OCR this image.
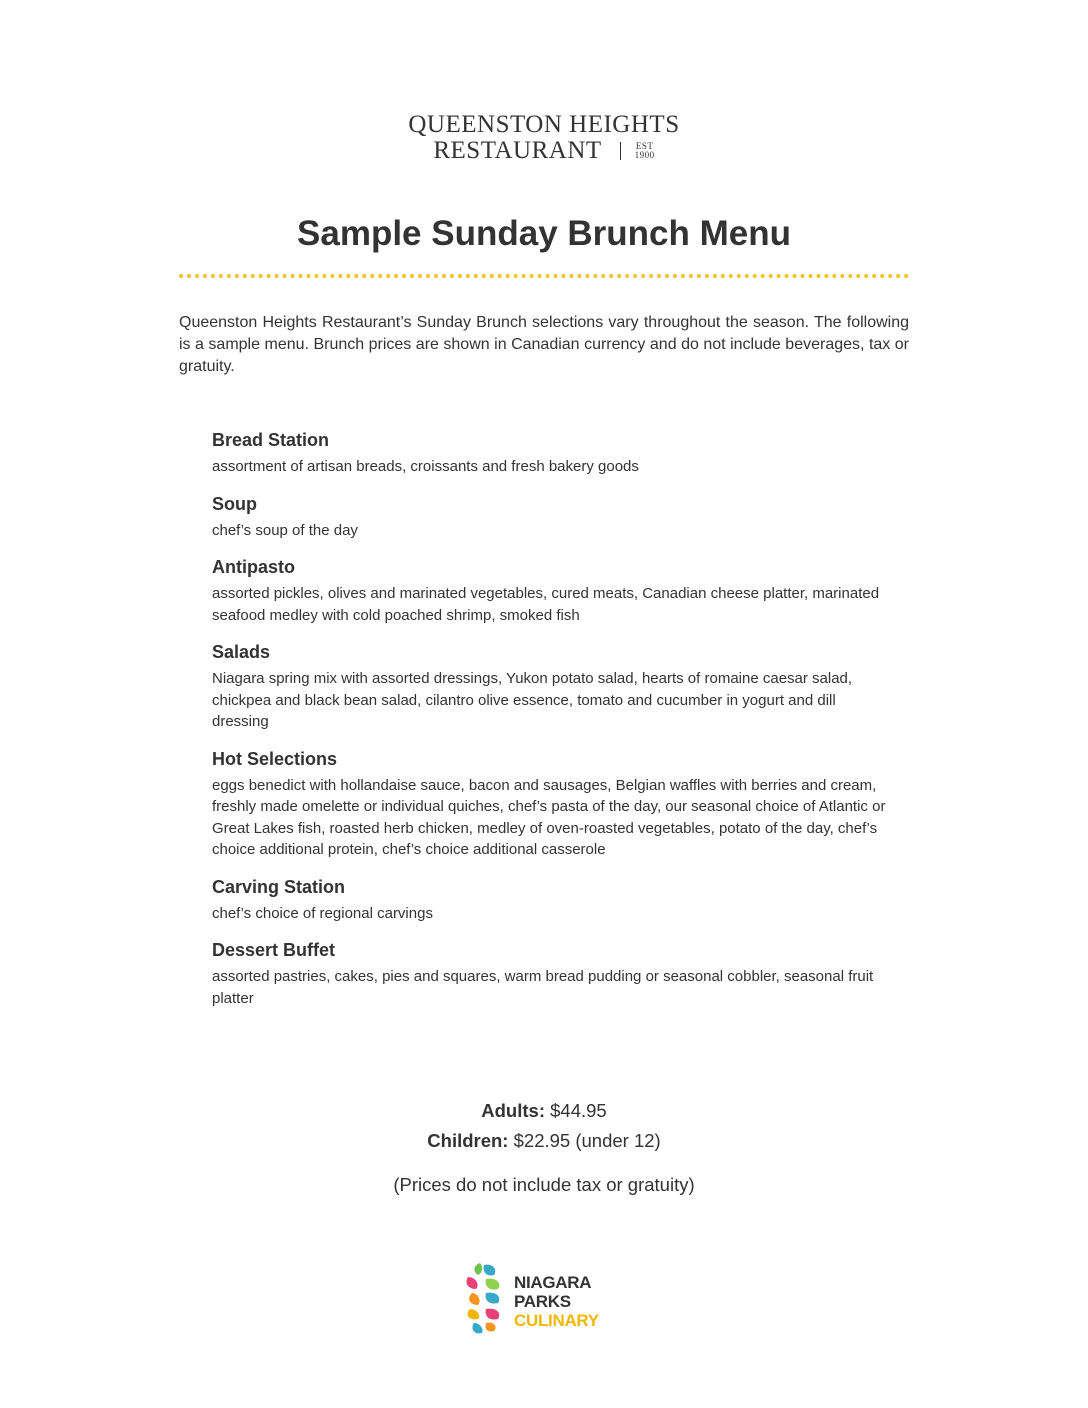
QUEENSTON HEIGHTS
RESTAURANT	EST
1900
Sample Sunday Brunch Menu

Queenston Heights Restaurant’s Sunday Brunch selections vary throughout the season. The following is a sample menu. Brunch prices are shown in Canadian currency and do not include beverages, tax or gratuity.

Bread Station

assortment of artisan breads, croissants and fresh bakery goods

Soup

chef’s soup of the day

Antipasto

assorted pickles, olives and marinated vegetables, cured meats, Canadian cheese platter, marinated seafood medley with cold poached shrimp, smoked fish

Salads

Niagara spring mix with assorted dressings, Yukon potato salad, hearts of romaine caesar salad, chickpea and black bean salad, cilantro olive essence, tomato and cucumber in yogurt and dill dressing

Hot Selections

eggs benedict with hollandaise sauce, bacon and sausages, Belgian waffles with berries and cream, freshly made omelette or individual quiches, chef’s pasta of the day, our seasonal choice of Atlantic or Great Lakes fish, roasted herb chicken, medley of oven-roasted vegetables, potato of the day, chef’s choice additional protein, chef’s choice additional casserole

Carving Station

chef’s choice of regional carvings

Dessert Buffet

assorted pastries, cakes, pies and squares, warm bread pudding or seasonal cobbler, seasonal fruit platter

Adults: $44.95
Children: $22.95 (under 12)
(Prices do not include tax or gratuity)
NIAGARA
PARKS
CULINARY
